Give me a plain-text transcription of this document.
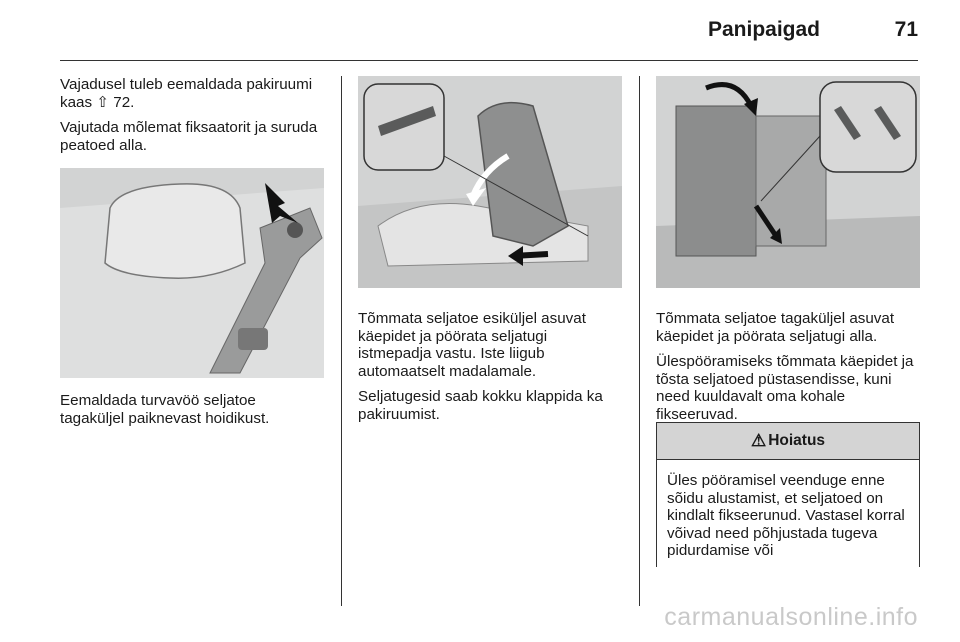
Panipaigad	71

Vajadusel tuleb eemaldada pakiruumi kaas ⇧ 72.

Vajutada mõlemat fiksaatorit ja suruda peatoed alla.

Eemaldada turvavöö seljatoe tagaküljel paiknevast hoidikust.

Tõmmata seljatoe esiküljel asuvat käepidet ja pöörata seljatugi istmepadja vastu. Iste liigub automaatselt madalamale.

Seljatugesid saab kokku klappida ka pakiruumist.

Tõmmata seljatoe tagaküljel asuvat käepidet ja pöörata seljatugi alla.

Ülespööramiseks tõmmata käepidet ja tõsta seljatoed püstasendisse, kuni need kuuldavalt oma kohale fikseeruvad.

⚠ Hoiatus

Üles pööramisel veenduge enne sõidu alustamist, et seljatoed on kindlalt fikseerunud. Vastasel korral võivad need põhjustada tugeva pidurdamise või

carmanualsonline.info
